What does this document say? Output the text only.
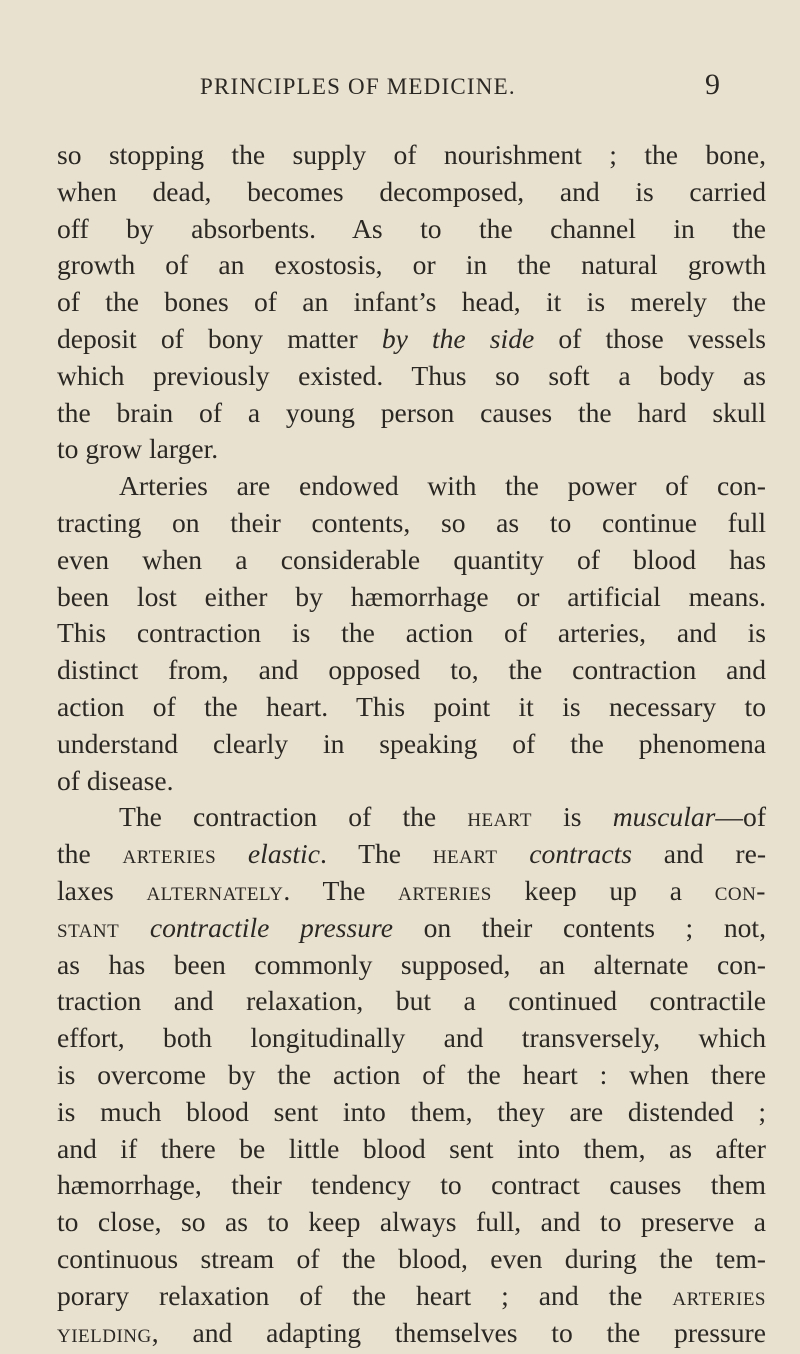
PRINCIPLES OF MEDICINE.	9
so stopping the supply of nourishment ; the bone,
when dead, becomes decomposed, and is carried
off by absorbents. As to the channel in the
growth of an exostosis, or in the natural growth
of the bones of an infant’s head, it is merely the
deposit of bony matter by the side of those vessels
which previously existed. Thus so soft a body as
the brain of a young person causes the hard skull
to grow larger.
Arteries are endowed with the power of con-
tracting on their contents, so as to continue full
even when a considerable quantity of blood has
been lost either by hæmorrhage or artificial means.
This contraction is the action of arteries, and is
distinct from, and opposed to, the contraction and
action of the heart. This point it is necessary to
understand clearly in speaking of the phenomena
of disease.
The contraction of the heart is muscular—of
the arteries elastic. The heart contracts and re-
laxes alternately. The arteries keep up a con-
stant contractile pressure on their contents ; not,
as has been commonly supposed, an alternate con-
traction and relaxation, but a continued contractile
effort, both longitudinally and transversely, which
is overcome by the action of the heart : when there
is much blood sent into them, they are distended ;
and if there be little blood sent into them, as after
hæmorrhage, their tendency to contract causes them
to close, so as to keep always full, and to preserve a
continuous stream of the blood, even during the tem-
porary relaxation of the heart ; and the arteries
yielding, and adapting themselves to the pressure
